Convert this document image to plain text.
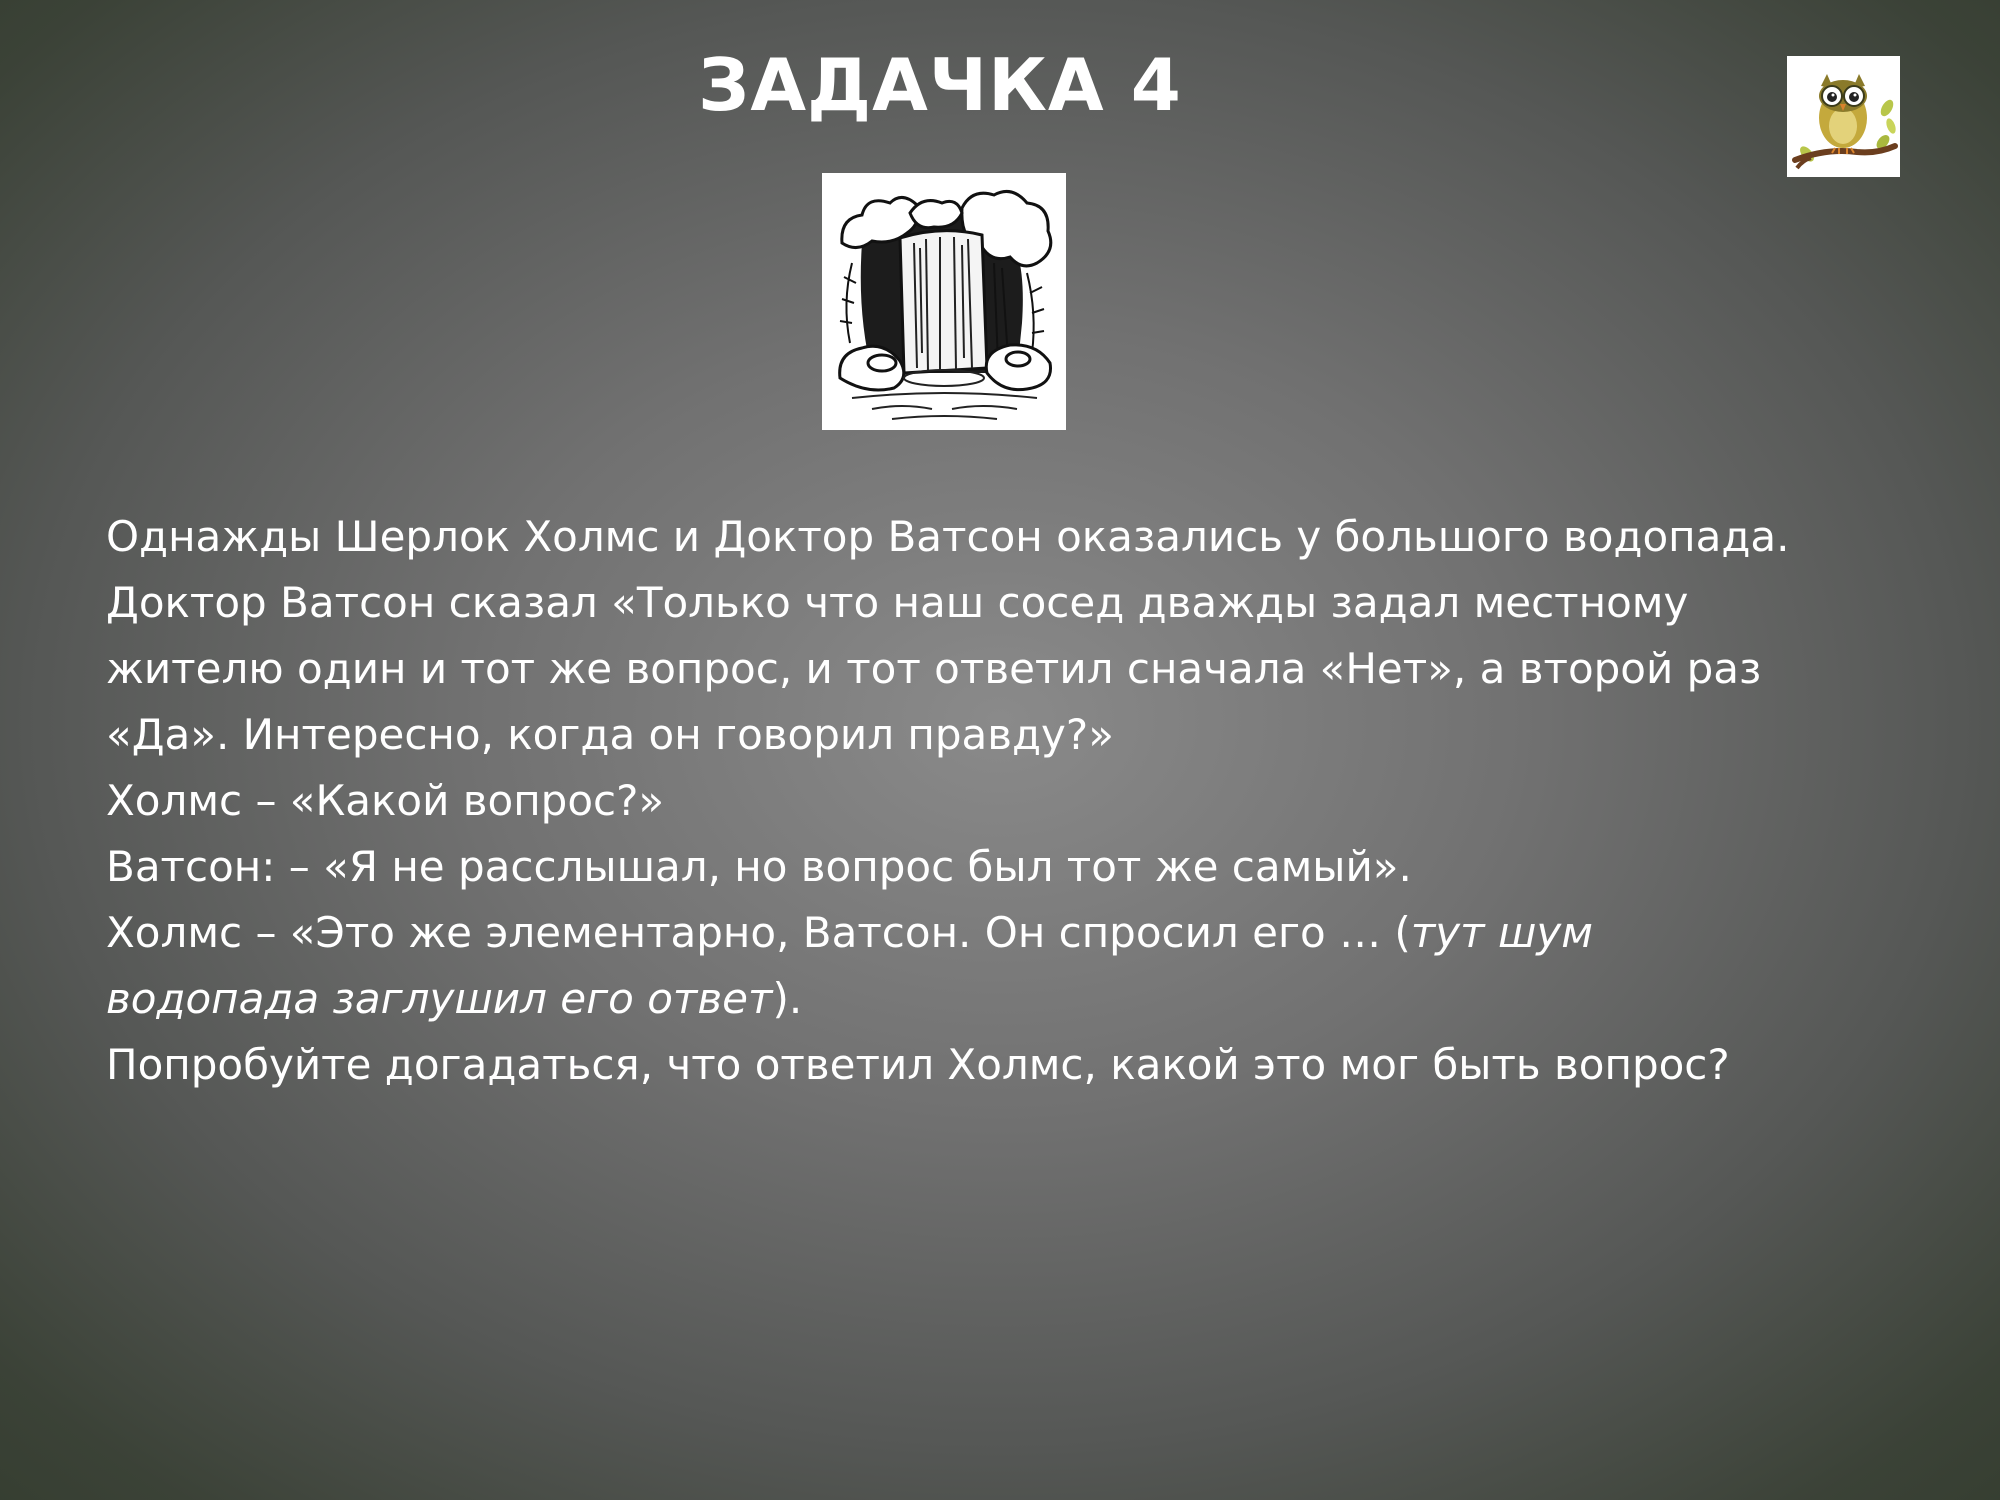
ЗАДАЧКА 4
Однажды Шерлок Холмс и Доктор Ватсон оказались у большого водопада.
Доктор Ватсон сказал «Только что наш сосед дважды задал местному
жителю один и тот же вопрос, и тот ответил сначала «Нет», а второй раз
«Да». Интересно, когда он говорил правду?»
Холмс – «Какой вопрос?»
Ватсон: – «Я не расслышал, но вопрос был тот же самый».
Холмс – «Это же элементарно, Ватсон. Он спросил его … (тут шум
водопада заглушил его ответ).
Попробуйте догадаться, что ответил Холмс, какой это мог быть вопрос?
